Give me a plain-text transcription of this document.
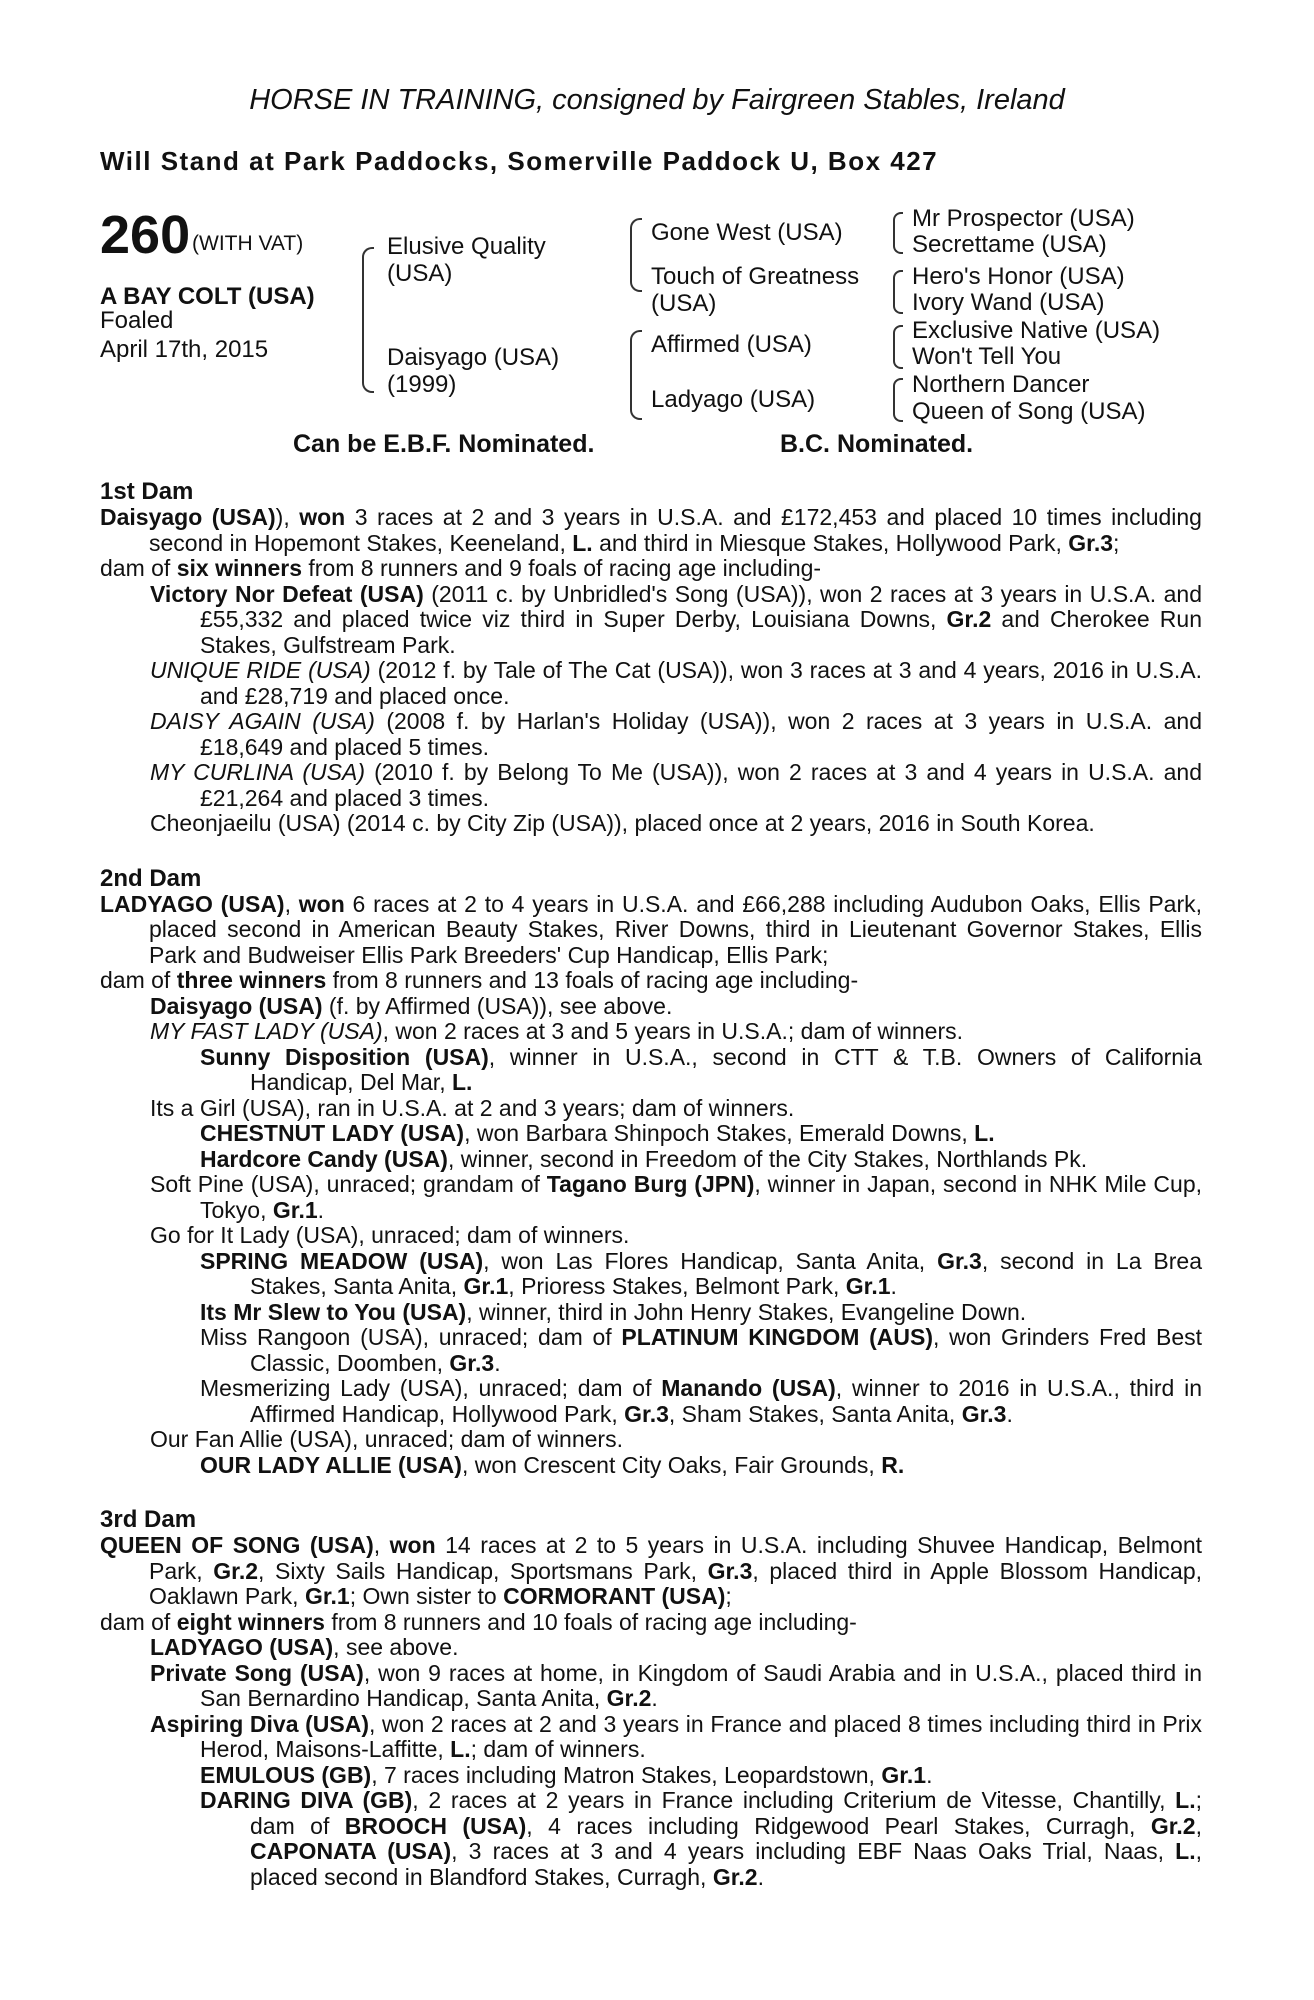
HORSE IN TRAINING, consigned by Fairgreen Stables, Ireland
Will Stand at Park Paddocks, Somerville Paddock U, Box 427
260 (WITH VAT)
A BAY COLT (USA)
Foaled
April 17th, 2015
Elusive Quality
(USA)
Daisyago (USA)
(1999)
Gone West (USA)
Touch of Greatness
(USA)
Affirmed (USA)
Ladyago (USA)
Mr Prospector (USA)
Secrettame (USA)
Hero's Honor (USA)
Ivory Wand (USA)
Exclusive Native (USA)
Won't Tell You
Northern Dancer
Queen of Song (USA)
Can be E.B.F. Nominated.	B.C. Nominated.
1st Dam
Daisyago (USA)), won 3 races at 2 and 3 years in U.S.A. and £172,453 and placed 10 times including second in Hopemont Stakes, Keeneland, L. and third in Miesque Stakes, Hollywood Park, Gr.3;
dam of six winners from 8 runners and 9 foals of racing age including-
Victory Nor Defeat (USA) (2011 c. by Unbridled's Song (USA)), won 2 races at 3 years in U.S.A. and £55,332 and placed twice viz third in Super Derby, Louisiana Downs, Gr.2 and Cherokee Run Stakes, Gulfstream Park.
UNIQUE RIDE (USA) (2012 f. by Tale of The Cat (USA)), won 3 races at 3 and 4 years, 2016 in U.S.A. and £28,719 and placed once.
DAISY AGAIN (USA) (2008 f. by Harlan's Holiday (USA)), won 2 races at 3 years in U.S.A. and £18,649 and placed 5 times.
MY CURLINA (USA) (2010 f. by Belong To Me (USA)), won 2 races at 3 and 4 years in U.S.A. and £21,264 and placed 3 times.
Cheonjaeilu (USA) (2014 c. by City Zip (USA)), placed once at 2 years, 2016 in South Korea.
2nd Dam
LADYAGO (USA), won 6 races at 2 to 4 years in U.S.A. and £66,288 including Audubon Oaks, Ellis Park, placed second in American Beauty Stakes, River Downs, third in Lieutenant Governor Stakes, Ellis Park and Budweiser Ellis Park Breeders' Cup Handicap, Ellis Park;
dam of three winners from 8 runners and 13 foals of racing age including-
Daisyago (USA) (f. by Affirmed (USA)), see above.
MY FAST LADY (USA), won 2 races at 3 and 5 years in U.S.A.; dam of winners.
Sunny Disposition (USA), winner in U.S.A., second in CTT & T.B. Owners of California Handicap, Del Mar, L.
Its a Girl (USA), ran in U.S.A. at 2 and 3 years; dam of winners.
CHESTNUT LADY (USA), won Barbara Shinpoch Stakes, Emerald Downs, L.
Hardcore Candy (USA), winner, second in Freedom of the City Stakes, Northlands Pk.
Soft Pine (USA), unraced; grandam of Tagano Burg (JPN), winner in Japan, second in NHK Mile Cup, Tokyo, Gr.1.
Go for It Lady (USA), unraced; dam of winners.
SPRING MEADOW (USA), won Las Flores Handicap, Santa Anita, Gr.3, second in La Brea Stakes, Santa Anita, Gr.1, Prioress Stakes, Belmont Park, Gr.1.
Its Mr Slew to You (USA), winner, third in John Henry Stakes, Evangeline Down.
Miss Rangoon (USA), unraced; dam of PLATINUM KINGDOM (AUS), won Grinders Fred Best Classic, Doomben, Gr.3.
Mesmerizing Lady (USA), unraced; dam of Manando (USA), winner to 2016 in U.S.A., third in Affirmed Handicap, Hollywood Park, Gr.3, Sham Stakes, Santa Anita, Gr.3.
Our Fan Allie (USA), unraced; dam of winners.
OUR LADY ALLIE (USA), won Crescent City Oaks, Fair Grounds, R.
3rd Dam
QUEEN OF SONG (USA), won 14 races at 2 to 5 years in U.S.A. including Shuvee Handicap, Belmont Park, Gr.2, Sixty Sails Handicap, Sportsmans Park, Gr.3, placed third in Apple Blossom Handicap, Oaklawn Park, Gr.1; Own sister to CORMORANT (USA);
dam of eight winners from 8 runners and 10 foals of racing age including-
LADYAGO (USA), see above.
Private Song (USA), won 9 races at home, in Kingdom of Saudi Arabia and in U.S.A., placed third in San Bernardino Handicap, Santa Anita, Gr.2.
Aspiring Diva (USA), won 2 races at 2 and 3 years in France and placed 8 times including third in Prix Herod, Maisons-Laffitte, L.; dam of winners.
EMULOUS (GB), 7 races including Matron Stakes, Leopardstown, Gr.1.
DARING DIVA (GB), 2 races at 2 years in France including Criterium de Vitesse, Chantilly, L.; dam of BROOCH (USA), 4 races including Ridgewood Pearl Stakes, Curragh, Gr.2, CAPONATA (USA), 3 races at 3 and 4 years including EBF Naas Oaks Trial, Naas, L., placed second in Blandford Stakes, Curragh, Gr.2.
